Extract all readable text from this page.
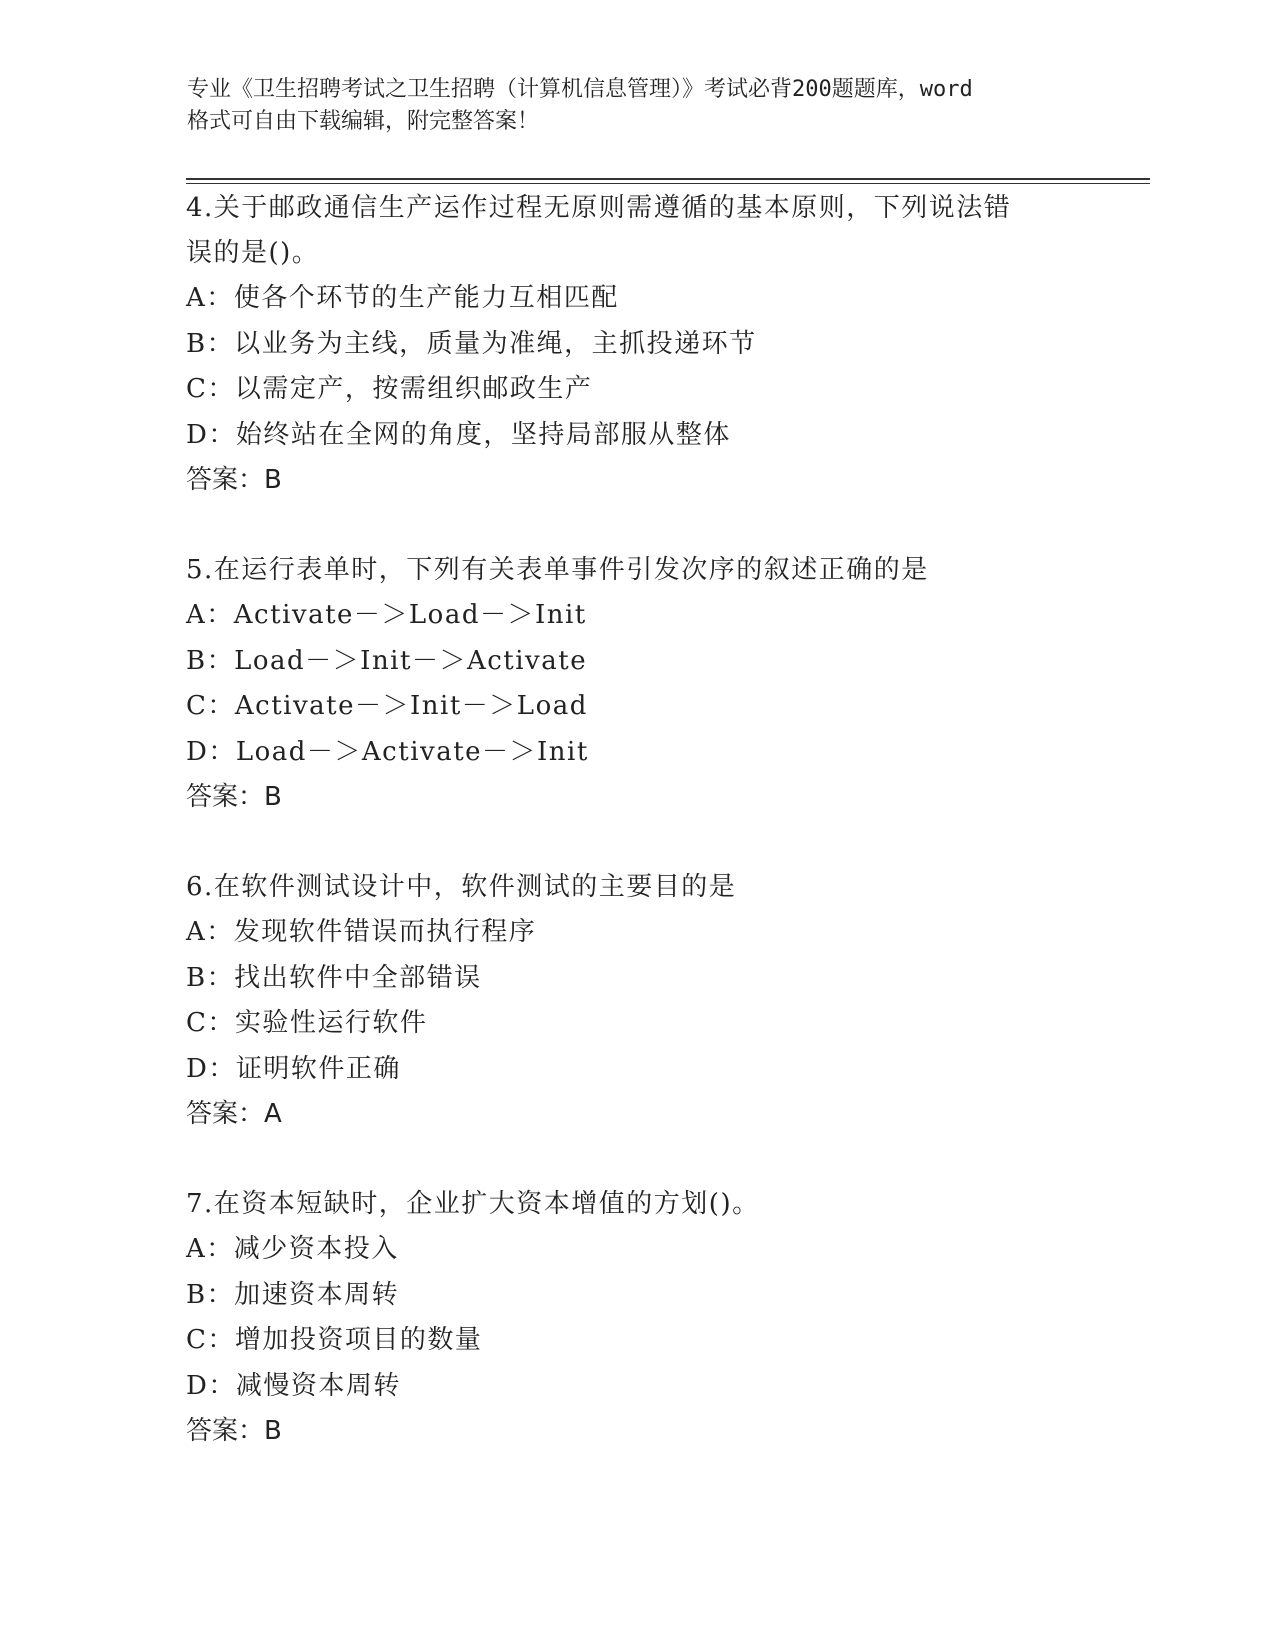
专业《卫生招聘考试之卫生招聘（计算机信息管理）》考试必背200题题库，word
格式可自由下载编辑，附完整答案！
4.关于邮政通信生产运作过程无原则需遵循的基本原则，下列说法错
误的是()。
A：使各个环节的生产能力互相匹配
B：以业务为主线，质量为准绳，主抓投递环节
C：以需定产，按需组织邮政生产
D：始终站在全网的角度，坚持局部服从整体
答案：B
5.在运行表单时，下列有关表单事件引发次序的叙述正确的是
A：Activate－＞Load－＞Init
B：Load－＞Init－＞Activate
C：Activate－＞Init－＞Load
D：Load－＞Activate－＞Init
答案：B
6.在软件测试设计中，软件测试的主要目的是
A：发现软件错误而执行程序
B：找出软件中全部错误
C：实验性运行软件
D：证明软件正确
答案：A
7.在资本短缺时，企业扩大资本增值的方划()。
A：减少资本投入
B：加速资本周转
C：增加投资项目的数量
D：减慢资本周转
答案：B
